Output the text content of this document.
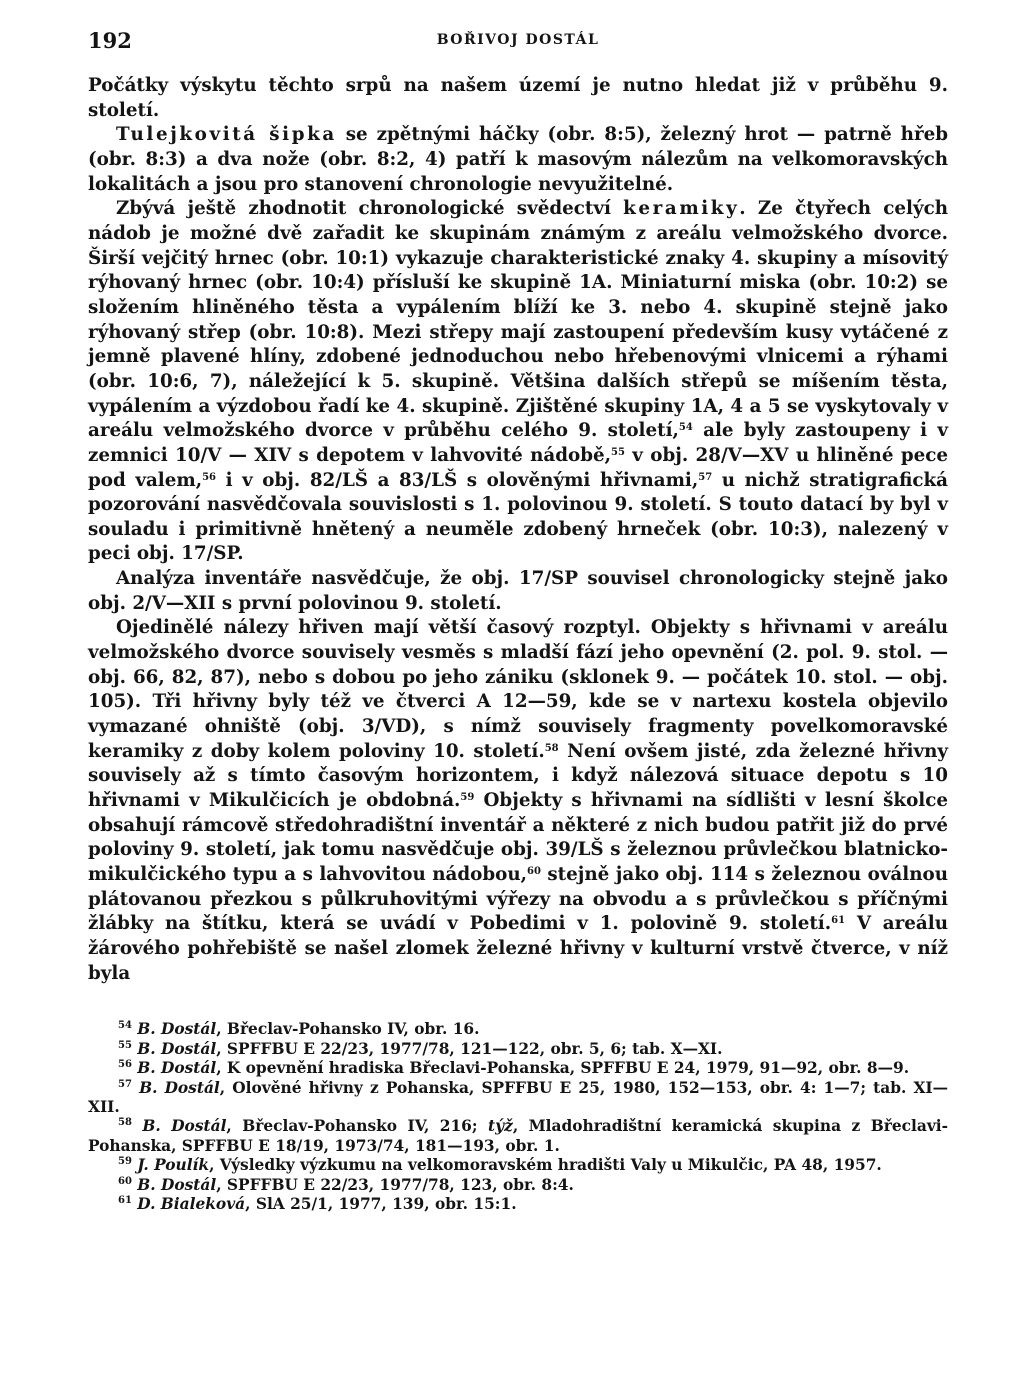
192	BOŘIVOJ DOSTÁL

Počátky výskytu těchto srpů na našem území je nutno hledat již v průběhu 9. století.

Tulejkovitá šipka se zpětnými háčky (obr. 8:5), železný hrot — patrně hřeb (obr. 8:3) a dva nože (obr. 8:2, 4) patří k masovým nálezům na velkomoravských lokalitách a jsou pro stanovení chronologie nevyužitelné.

Zbývá ještě zhodnotit chronologické svědectví keramiky. Ze čtyřech celých nádob je možné dvě zařadit ke skupinám známým z areálu velmožského dvorce. Širší vejčitý hrnec (obr. 10:1) vykazuje charakteristické znaky 4. skupiny a mísovitý rýhovaný hrnec (obr. 10:4) přísluší ke skupině 1A. Miniaturní miska (obr. 10:2) se složením hliněného těsta a vypálením blíží ke 3. nebo 4. skupině stejně jako rýhovaný střep (obr. 10:8). Mezi střepy mají zastoupení především kusy vytáčené z jemně plavené hlíny, zdobené jednoduchou nebo hřebenovými vlnicemi a rýhami (obr. 10:6, 7), náležející k 5. skupině. Většina dalších střepů se míšením těsta, vypálením a výzdobou řadí ke 4. skupině. Zjištěné skupiny 1A, 4 a 5 se vyskytovaly v areálu velmožského dvorce v průběhu celého 9. století,$^{54}$ ale byly zastoupeny i v zemnici 10/V — XIV s depotem v lahvovité nádobě,$^{55}$ v obj. 28/V—XV u hliněné pece pod valem,$^{56}$ i v obj. 82/LŠ a 83/LŠ s olověnými hřivnami,$^{57}$ u nichž stratigrafická pozorování nasvědčovala souvislosti s 1. polovinou 9. století. S touto datací by byl v souladu i primitivně hnětený a neuměle zdobený hrneček (obr. 10:3), nalezený v peci obj. 17/SP.

Analýza inventáře nasvědčuje, že obj. 17/SP souvisel chronologicky stejně jako obj. 2/V—XII s první polovinou 9. století.

Ojedinělé nálezy hřiven mají větší časový rozptyl. Objekty s hřivnami v areálu velmožského dvorce souvisely vesměs s mladší fází jeho opevnění (2. pol. 9. stol. — obj. 66, 82, 87), nebo s dobou po jeho zániku (sklonek 9. — počátek 10. stol. — obj. 105). Tři hřivny byly též ve čtverci A 12—59, kde se v nartexu kostela objevilo vymazané ohniště (obj. 3/VD), s nímž souvisely fragmenty povelkomoravské keramiky z doby kolem poloviny 10. století.$^{58}$ Není ovšem jisté, zda železné hřivny souvisely až s tímto časovým horizontem, i když nálezová situace depotu s 10 hřivnami v Mikulčicích je obdobná.$^{59}$ Objekty s hřivnami na sídlišti v lesní školce obsahují rámcově středohradištní inventář a některé z nich budou patřit již do prvé poloviny 9. století, jak tomu nasvědčuje obj. 39/LŠ s železnou průvlečkou blatnicko-mikulčického typu a s lahvovitou nádobou,$^{60}$ stejně jako obj. 114 s železnou oválnou plátovanou přezkou s půlkruhovitými výřezy na obvodu a s průvlečkou s příčnými žlábky na štítku, která se uvádí v Pobedimi v 1. polovině 9. století.$^{61}$ V areálu žárového pohřebiště se našel zlomek železné hřivny v kulturní vrstvě čtverce, v níž byla

$^{54}$ B. Dostál, Břeclav-Pohansko IV, obr. 16.

$^{55}$ B. Dostál, SPFFBU E 22/23, 1977/78, 121—122, obr. 5, 6; tab. X—XI.

$^{56}$ B. Dostál, K opevnění hradiska Břeclavi-Pohanska, SPFFBU E 24, 1979, 91—92, obr. 8—9.

$^{57}$ B. Dostál, Olověné hřivny z Pohanska, SPFFBU E 25, 1980, 152—153, obr. 4: 1—7; tab. XI—XII.

$^{58}$ B. Dostál, Břeclav-Pohansko IV, 216; týž, Mladohradištní keramická skupina z Břeclavi-Pohanska, SPFFBU E 18/19, 1973/74, 181—193, obr. 1.

$^{59}$ J. Poulík, Výsledky výzkumu na velkomoravském hradišti Valy u Mikulčic, PA 48, 1957.

$^{60}$ B. Dostál, SPFFBU E 22/23, 1977/78, 123, obr. 8:4.

$^{61}$ D. Bialeková, SlA 25/1, 1977, 139, obr. 15:1.
